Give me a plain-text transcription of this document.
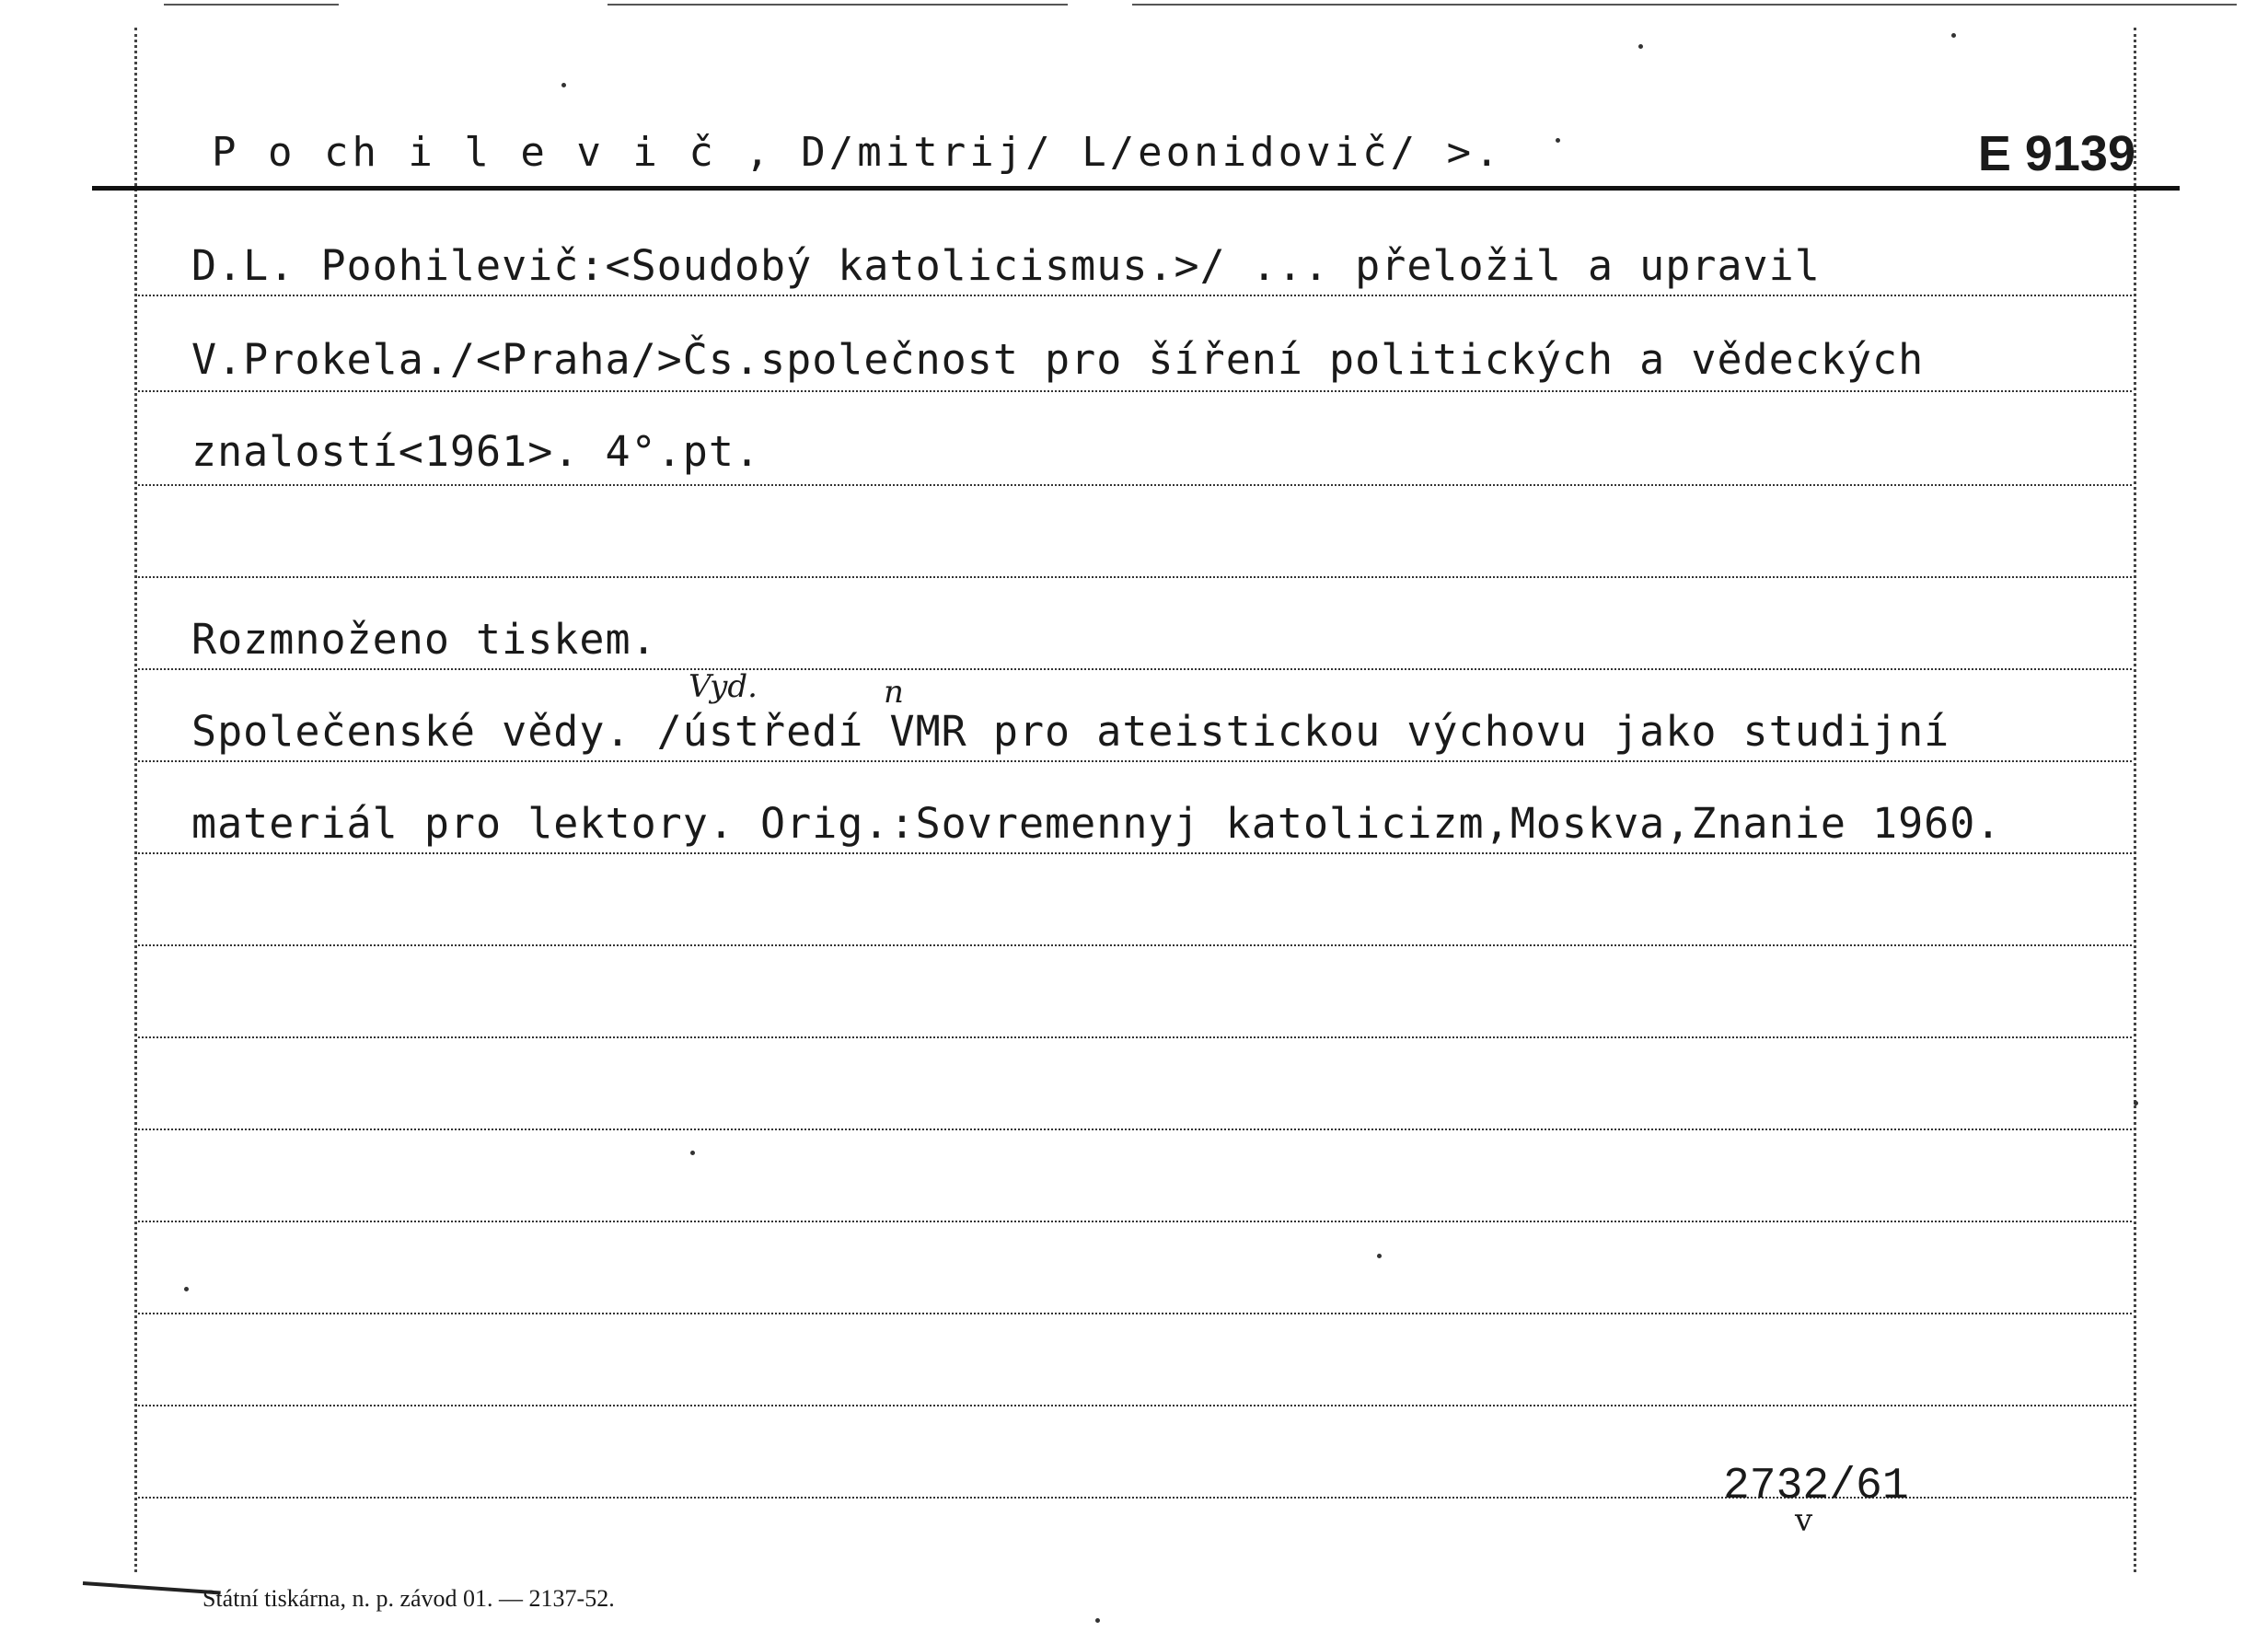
P o ch i l e v i č , D/mitrij/ L/eonidovič/ >.	E 9139
D.L. Poohilevič:<Soudobý katolicismus.>/ ... přeložil a upravil
V.Prokela./<Praha/>Čs.společnost pro šíření politických a vědeckých
znalostí<1961>. 4°.pt.
Rozmnoženo tiskem.
Společenské vědy. /ústředí VMR pro ateistickou výchovu jako studijní
materiál pro lektory. Orig.:Sovremennyj katolicizm,Moskva,Znanie 1960.
Vyd.	n
2732/61
v
Státní tiskárna, n. p. závod 01. — 2137-52.
